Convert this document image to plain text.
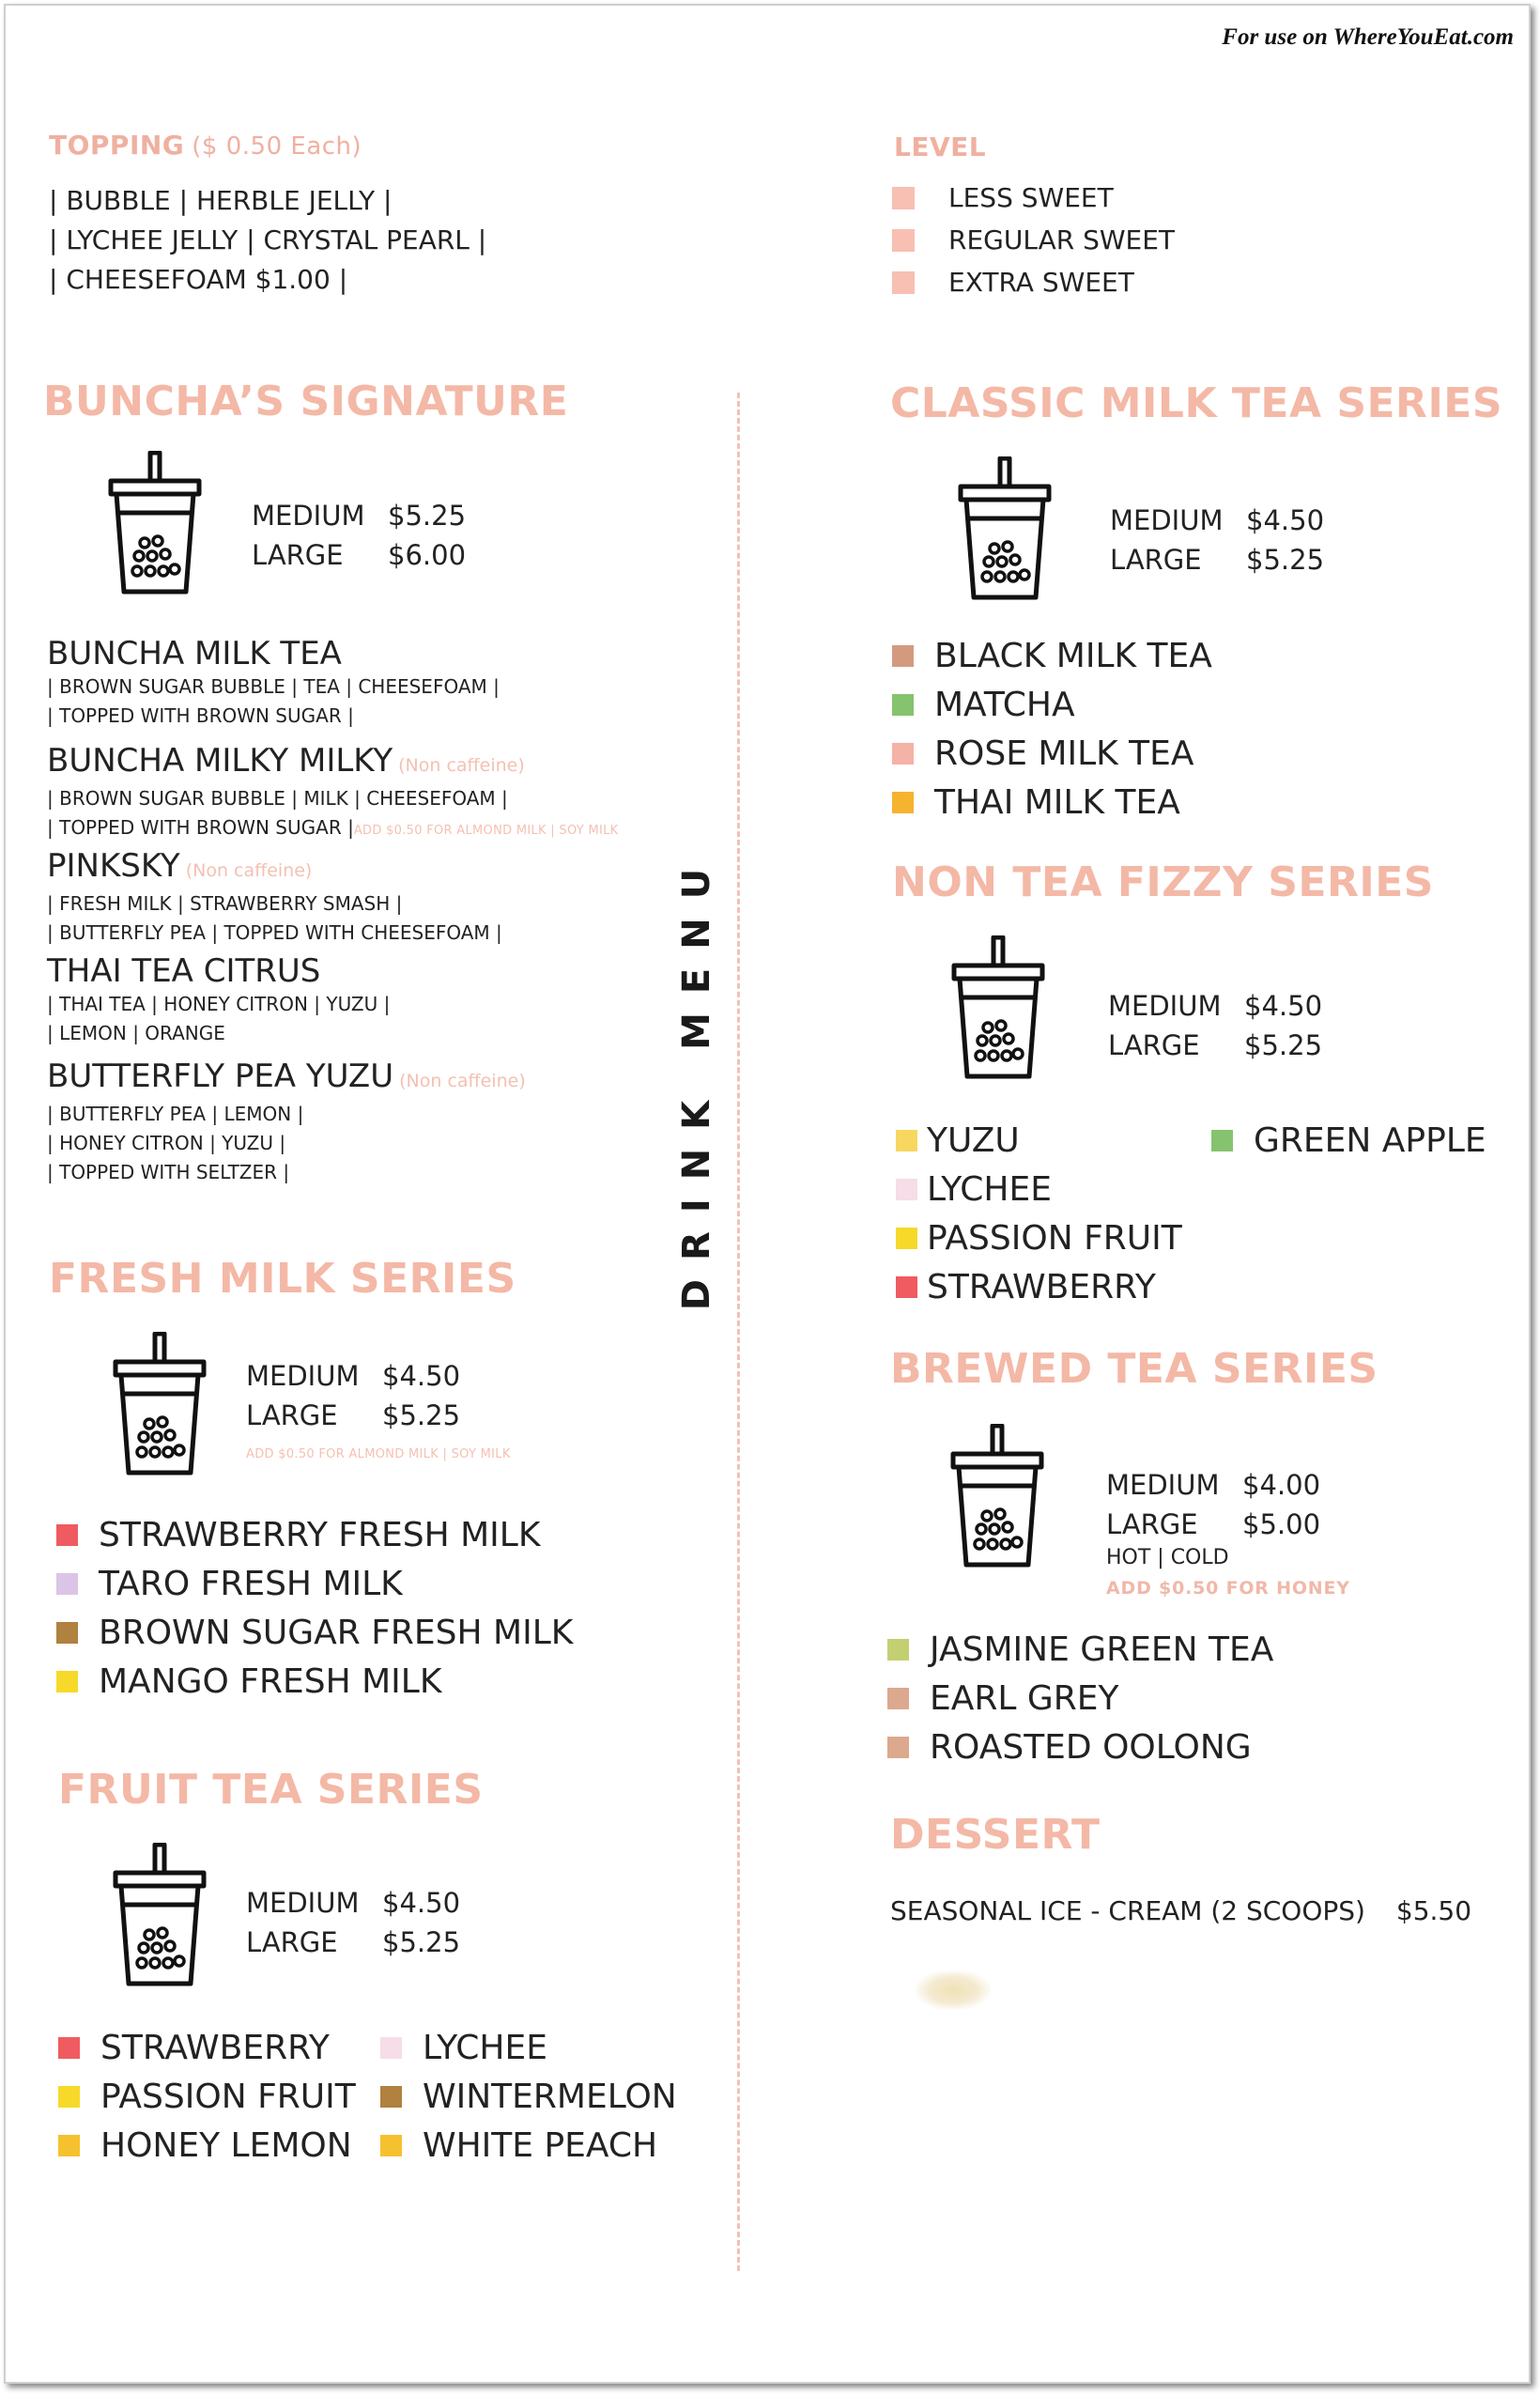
For use on WhereYouEat.com
TOPPING ($ 0.50 Each)
| BUBBLE | HERBLE JELLY |
| LYCHEE JELLY | CRYSTAL PEARL |
| CHEESEFOAM $1.00 |
LEVEL
LESS SWEET
REGULAR SWEET
EXTRA SWEET
DRINK MENU
BUNCHA’S SIGNATURE
MEDIUM $5.25
LARGE $6.00
BUNCHA MILK TEA
| BROWN SUGAR BUBBLE | TEA | CHEESEFOAM |
| TOPPED WITH BROWN SUGAR |
BUNCHA MILKY MILKY (Non caffeine)
| BROWN SUGAR BUBBLE | MILK | CHEESEFOAM |
| TOPPED WITH BROWN SUGAR |ADD $0.50 FOR ALMOND MILK | SOY MILK
PINKSKY (Non caffeine)
| FRESH MILK | STRAWBERRY SMASH |
| BUTTERFLY PEA | TOPPED WITH CHEESEFOAM |
THAI TEA CITRUS
| THAI TEA | HONEY CITRON | YUZU |
| LEMON | ORANGE
BUTTERFLY PEA YUZU (Non caffeine)
| BUTTERFLY PEA | LEMON |
| HONEY CITRON | YUZU |
| TOPPED WITH SELTZER |
FRESH MILK SERIES
MEDIUM $4.50
LARGE $5.25
ADD $0.50 FOR ALMOND MILK | SOY MILK
STRAWBERRY FRESH MILK
TARO FRESH MILK
BROWN SUGAR FRESH MILK
MANGO FRESH MILK
FRUIT TEA SERIES
MEDIUM $4.50
LARGE $5.25
STRAWBERRY
PASSION FRUIT
HONEY LEMON
LYCHEE
WINTERMELON
WHITE PEACH
CLASSIC MILK TEA SERIES
MEDIUM $4.50
LARGE $5.25
BLACK MILK TEA
MATCHA
ROSE MILK TEA
THAI MILK TEA
NON TEA FIZZY SERIES
MEDIUM $4.50
LARGE $5.25
YUZU
LYCHEE
PASSION FRUIT
STRAWBERRY
GREEN APPLE
BREWED TEA SERIES
MEDIUM $4.00
LARGE $5.00
HOT | COLD
ADD $0.50 FOR HONEY
JASMINE GREEN TEA
EARL GREY
ROASTED OOLONG
DESSERT
SEASONAL ICE - CREAM (2 SCOOPS) $5.50
